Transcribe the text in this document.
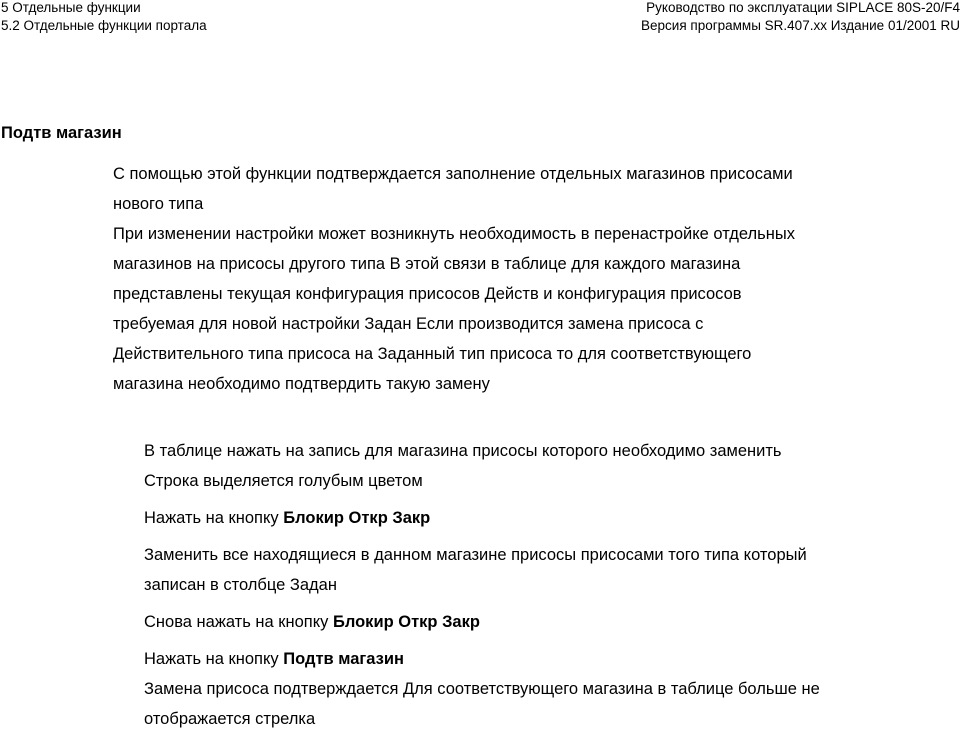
5 Отдельные функции
5.2 Отдельные функции портала
Руководство по эксплуатации SIPLACE 80S-20/F4
Версия программы SR.407.xx Издание 01/2001 RU
Подтв магазин
С помощью этой функции подтверждается заполнение отдельных магазинов присосами
нового типа
При изменении настройки может возникнуть необходимость в перенастройке отдельных
магазинов на присосы другого типа В этой связи в таблице для каждого магазина
представлены текущая конфигурация присосов Действ и конфигурация присосов
требуемая для новой настройки Задан Если производится замена присоса с
Действительного типа присоса на Заданный тип присоса то для соответствующего
магазина необходимо подтвердить такую замену
В таблице нажать на запись для магазина присосы которого необходимо заменить
Строка выделяется голубым цветом
Нажать на кнопку Блокир Откр Закр
Заменить все находящиеся в данном магазине присосы присосами того типа который
записан в столбце Задан
Снова нажать на кнопку Блокир Откр Закр
Нажать на кнопку Подтв магазин
Замена присоса подтверждается Для соответствующего магазина в таблице больше не
отображается стрелка
